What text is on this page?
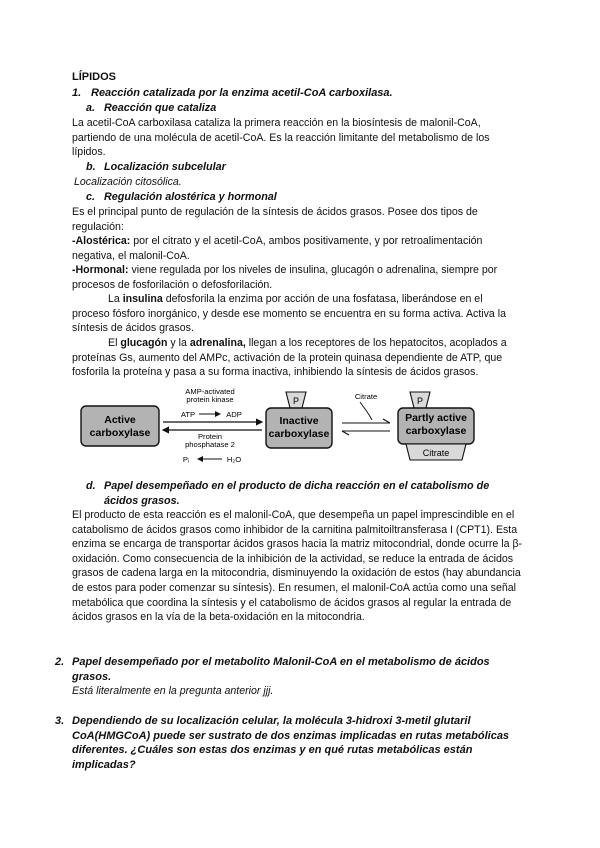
LÍPIDOS
1. Reacción catalizada por la enzima acetil-CoA carboxilasa.
a. Reacción que cataliza

La acetil-CoA carboxilasa cataliza la primera reacción en la biosíntesis de malonil-CoA, partiendo de una molécula de acetil-CoA. Es la reacción limitante del metabolismo de los lípidos.

b. Localización subcelular

Localización citosólica.

c. Regulación alostérica y hormonal

Es el principal punto de regulación de la síntesis de ácidos grasos. Posee dos tipos de regulación:

-Alostérica: por el citrato y el acetil-CoA, ambos positivamente, y por retroalimentación negativa, el malonil-CoA.

-Hormonal: viene regulada por los niveles de insulina, glucagón o adrenalina, siempre por procesos de fosforilación o defosforilación.

La insulina defosforila la enzima por acción de una fosfatasa, liberándose en el proceso fósforo inorgánico, y desde ese momento se encuentra en su forma activa. Activa la síntesis de ácidos grasos.

El glucagón y la adrenalina, llegan a los receptores de los hepatocitos, acoplados a proteínas Gs, aumento del AMPc, activación de la protein quinasa dependiente de ATP, que fosforila la proteína y pasa a su forma inactiva, inhibiendo la síntesis de ácidos grasos.

Active
carboxylase
AMP-activated
protein kinase
ATP	ADP
Protein
phosphatase 2
Pᵢ	H₂O
P
Inactive
carboxylase
Citrate	P
Partly active
carboxylase
Citrate
d. Papel desempeñado en el producto de dicha reacción en el catabolismo de
ácidos grasos.

El producto de esta reacción es el malonil-CoA, que desempeña un papel imprescindible en el catabolismo de ácidos grasos como inhibidor de la carnitina palmitoiltransferasa I (CPT1). Esta enzima se encarga de transportar ácidos grasos hacia la matriz mitocondrial, donde ocurre la β-oxidación. Como consecuencia de la inhibición de la actividad, se reduce la entrada de ácidos grasos de cadena larga en la mitocondria, disminuyendo la oxidación de estos (hay abundancia de estos para poder comenzar su síntesis). En resumen, el malonil-CoA actúa como una señal metabólica que coordina la síntesis y el catabolismo de ácidos grasos al regular la entrada de ácidos grasos en la vía de la beta-oxidación en la mitocondria.

2. Papel desempeñado por el metabolito Malonil-CoA en el metabolismo de ácidos
grasos.

Está literalmente en la pregunta anterior jjj.

3. Dependiendo de su localización celular, la molécula 3-hidroxi 3-metil glutaril
CoA(HMGCoA) puede ser sustrato de dos enzimas implicadas en rutas metabólicas
diferentes. ¿Cuáles son estas dos enzimas y en qué rutas metabólicas están
implicadas?
